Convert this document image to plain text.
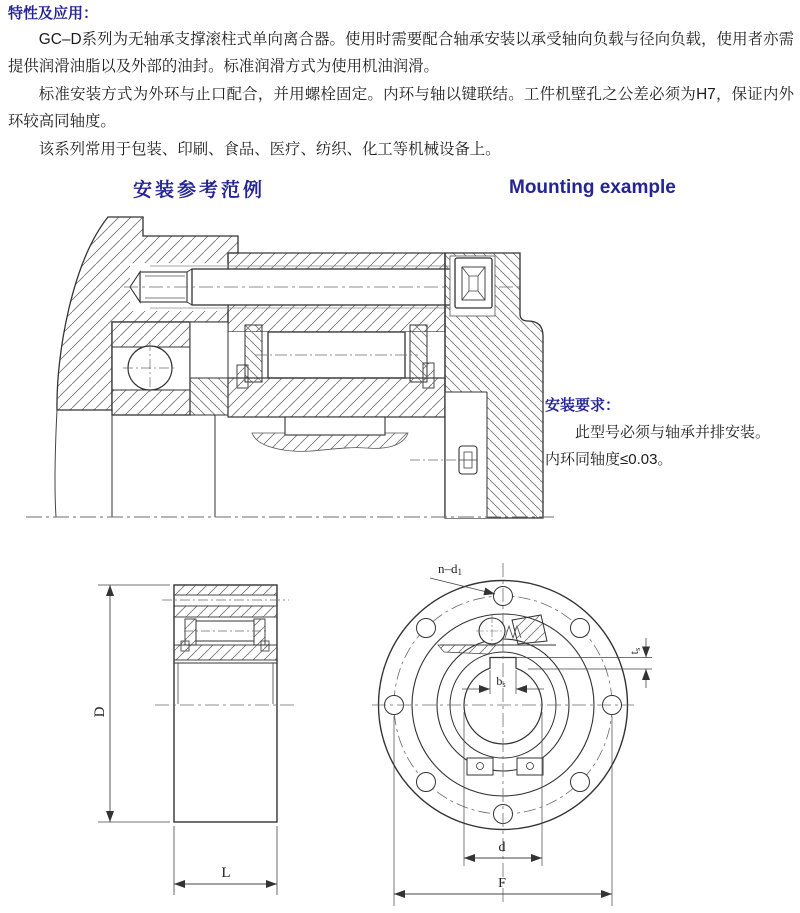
特性及应用：

GC–D系列为无轴承支撑滚柱式单向离合器。使用时需要配合轴承安装以承受轴向负载与径向负载，使用者亦需提供润滑油脂以及外部的油封。标准润滑方式为使用机油润滑。

标准安装方式为外环与止口配合，并用螺栓固定。内环与轴以键联结。工件机壁孔之公差必须为H7，保证内外环较高同轴度。

该系列常用于包装、印刷、食品、医疗、纺织、化工等机械设备上。

安装参考范例	Mounting example
安装要求：
此型号必须与轴承并排安装。
内环同轴度≤0.03。
D
L
n–d1
bs
ts
d
F
